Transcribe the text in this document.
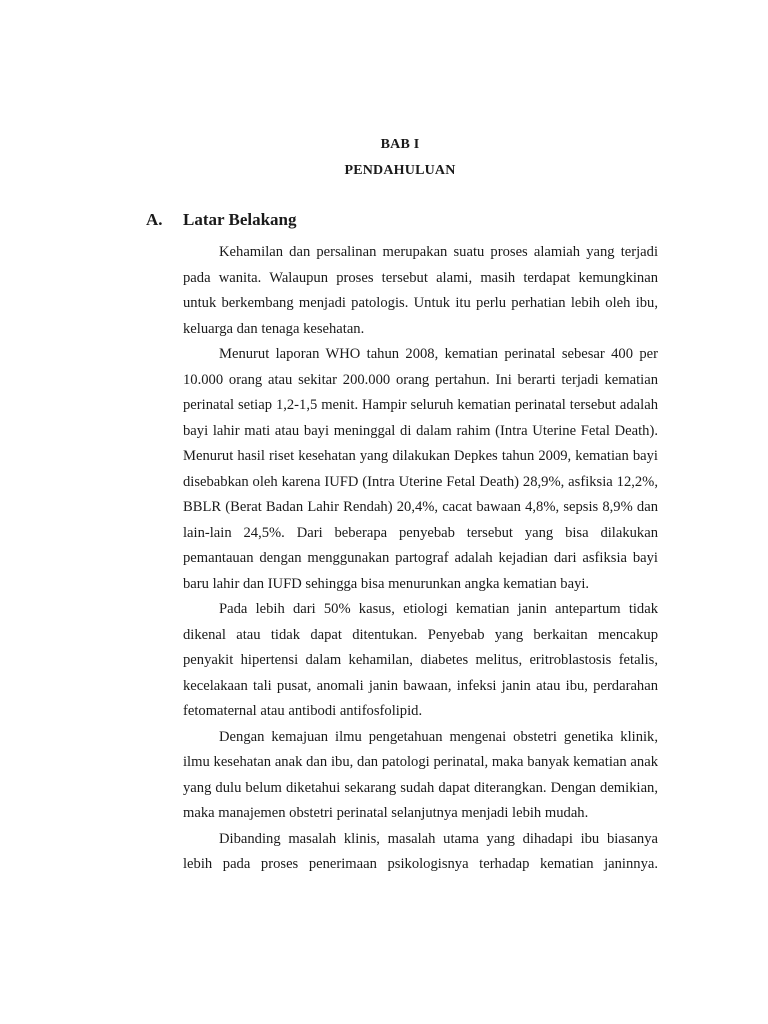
BAB I
PENDAHULUAN
A. Latar Belakang

Kehamilan dan persalinan merupakan suatu proses alamiah yang terjadi pada wanita. Walaupun proses tersebut alami, masih terdapat kemungkinan untuk berkembang menjadi patologis. Untuk itu perlu perhatian lebih oleh ibu, keluarga dan tenaga kesehatan.

Menurut laporan WHO tahun 2008, kematian perinatal sebesar 400 per 10.000 orang atau sekitar 200.000 orang pertahun. Ini berarti terjadi kematian perinatal setiap 1,2-1,5 menit. Hampir seluruh kematian perinatal tersebut adalah bayi lahir mati atau bayi meninggal di dalam rahim (Intra Uterine Fetal Death). Menurut hasil riset kesehatan yang dilakukan Depkes tahun 2009, kematian bayi disebabkan oleh karena IUFD (Intra Uterine Fetal Death) 28,9%, asfiksia 12,2%, BBLR (Berat Badan Lahir Rendah) 20,4%, cacat bawaan 4,8%, sepsis 8,9% dan lain-lain 24,5%. Dari beberapa penyebab tersebut yang bisa dilakukan pemantauan dengan menggunakan partograf adalah kejadian dari asfiksia bayi baru lahir dan IUFD sehingga bisa menurunkan angka kematian bayi.

Pada lebih dari 50% kasus, etiologi kematian janin antepartum tidak dikenal atau tidak dapat ditentukan. Penyebab yang berkaitan mencakup penyakit hipertensi dalam kehamilan, diabetes melitus, eritroblastosis fetalis, kecelakaan tali pusat, anomali janin bawaan, infeksi janin atau ibu, perdarahan fetomaternal atau antibodi antifosfolipid.

Dengan kemajuan ilmu pengetahuan mengenai obstetri genetika klinik, ilmu kesehatan anak dan ibu, dan patologi perinatal, maka banyak kematian anak yang dulu belum diketahui sekarang sudah dapat diterangkan. Dengan demikian, maka manajemen obstetri perinatal selanjutnya menjadi lebih mudah.

Dibanding masalah klinis, masalah utama yang dihadapi ibu biasanya lebih pada proses penerimaan psikologisnya terhadap kematian janinnya.
